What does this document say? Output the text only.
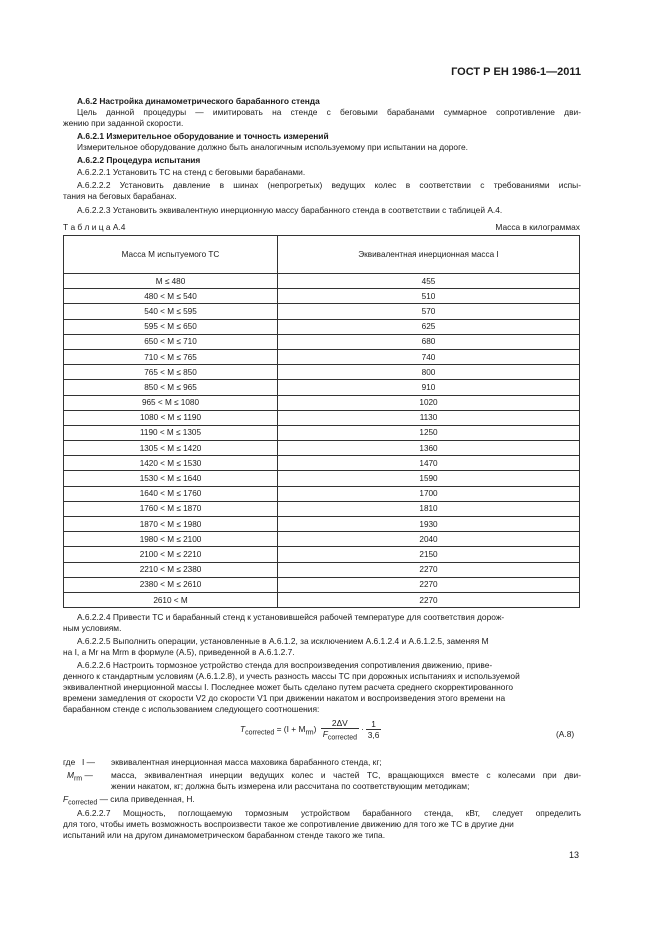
ГОСТ Р ЕН 1986-1—2011
А.6.2 Настройка динамометрического барабанного стенда
Цель данной процедуры — имитировать на стенде с беговыми барабанами суммарное сопротивление дви-
жению при заданной скорости.
А.6.2.1 Измерительное оборудование и точность измерений
Измерительное оборудование должно быть аналогичным используемому при испытании на дороге.
А.6.2.2 Процедура испытания
А.6.2.2.1 Установить ТС на стенд с беговыми барабанами.
А.6.2.2.2 Установить давление в шинах (непрогретых) ведущих колес в соответствии с требованиями испы-
тания на беговых барабанах.
А.6.2.2.3 Установить эквивалентную инерционную массу барабанного стенда в соответствии с таблицей А.4.
Т а б л и ц а А.4	Масса в килограммах
Масса M испытуемого ТС	Эквивалентная инерционная масса I
M ≤ 480	455
480 < M ≤ 540	510
540 < M ≤ 595	570
595 < M ≤ 650	625
650 < M ≤ 710	680
710 < M ≤ 765	740
765 < M ≤ 850	800
850 < M ≤ 965	910
965 < M ≤ 1080	1020
1080 < M ≤ 1190	1130
1190 < M ≤ 1305	1250
1305 < M ≤ 1420	1360
1420 < M ≤ 1530	1470
1530 < M ≤ 1640	1590
1640 < M ≤ 1760	1700
1760 < M ≤ 1870	1810
1870 < M ≤ 1980	1930
1980 < M ≤ 2100	2040
2100 < M ≤ 2210	2150
2210 < M ≤ 2380	2270
2380 < M ≤ 2610	2270
2610 < M	2270
А.6.2.2.4 Привести ТС и барабанный стенд к установившейся рабочей температуре для соответствия дорож-
ным условиям.
А.6.2.2.5 Выполнить операции, установленные в А.6.1.2, за исключением А.6.1.2.4 и А.6.1.2.5, заменяя M
на I, а Mr на Mrm в формуле (А.5), приведенной в А.6.1.2.7.
А.6.2.2.6 Настроить тормозное устройство стенда для воспроизведения сопротивления движению, приве-
денного к стандартным условиям (А.6.1.2.8), и учесть разность массы ТС при дорожных испытаниях и используемой
эквивалентной инерционной массы I. Последнее может быть сделано путем расчета среднего скорректированного
времени замедления от скорости V2 до скорости V1 при движении накатом и воспроизведения этого времени на
барабанном стенде с использованием следующего соотношения:
$T_{corrected} = (I + M_{rm}) \frac{2\Delta V}{F_{corrected}} \cdot \frac{1}{3,6}$	(А.8)
где I —	эквивалентная инерционная масса маховика барабанного стенда, кг;
$M_{rm}$ —	масса, эквивалентная инерции ведущих колес и частей ТС, вращающихся вместе с колесами при дви-
жении накатом, кг; должна быть измерена или рассчитана по соответствующим методикам;
$F_{corrected}$ — сила приведенная, Н.
А.6.2.2.7 Мощность, поглощаемую тормозным устройством барабанного стенда, кВт, следует определить
для того, чтобы иметь возможность воспроизвести такое же сопротивление движению для того же ТС в другие дни
испытаний или на другом динамометрическом барабанном стенде такого же типа.
13
